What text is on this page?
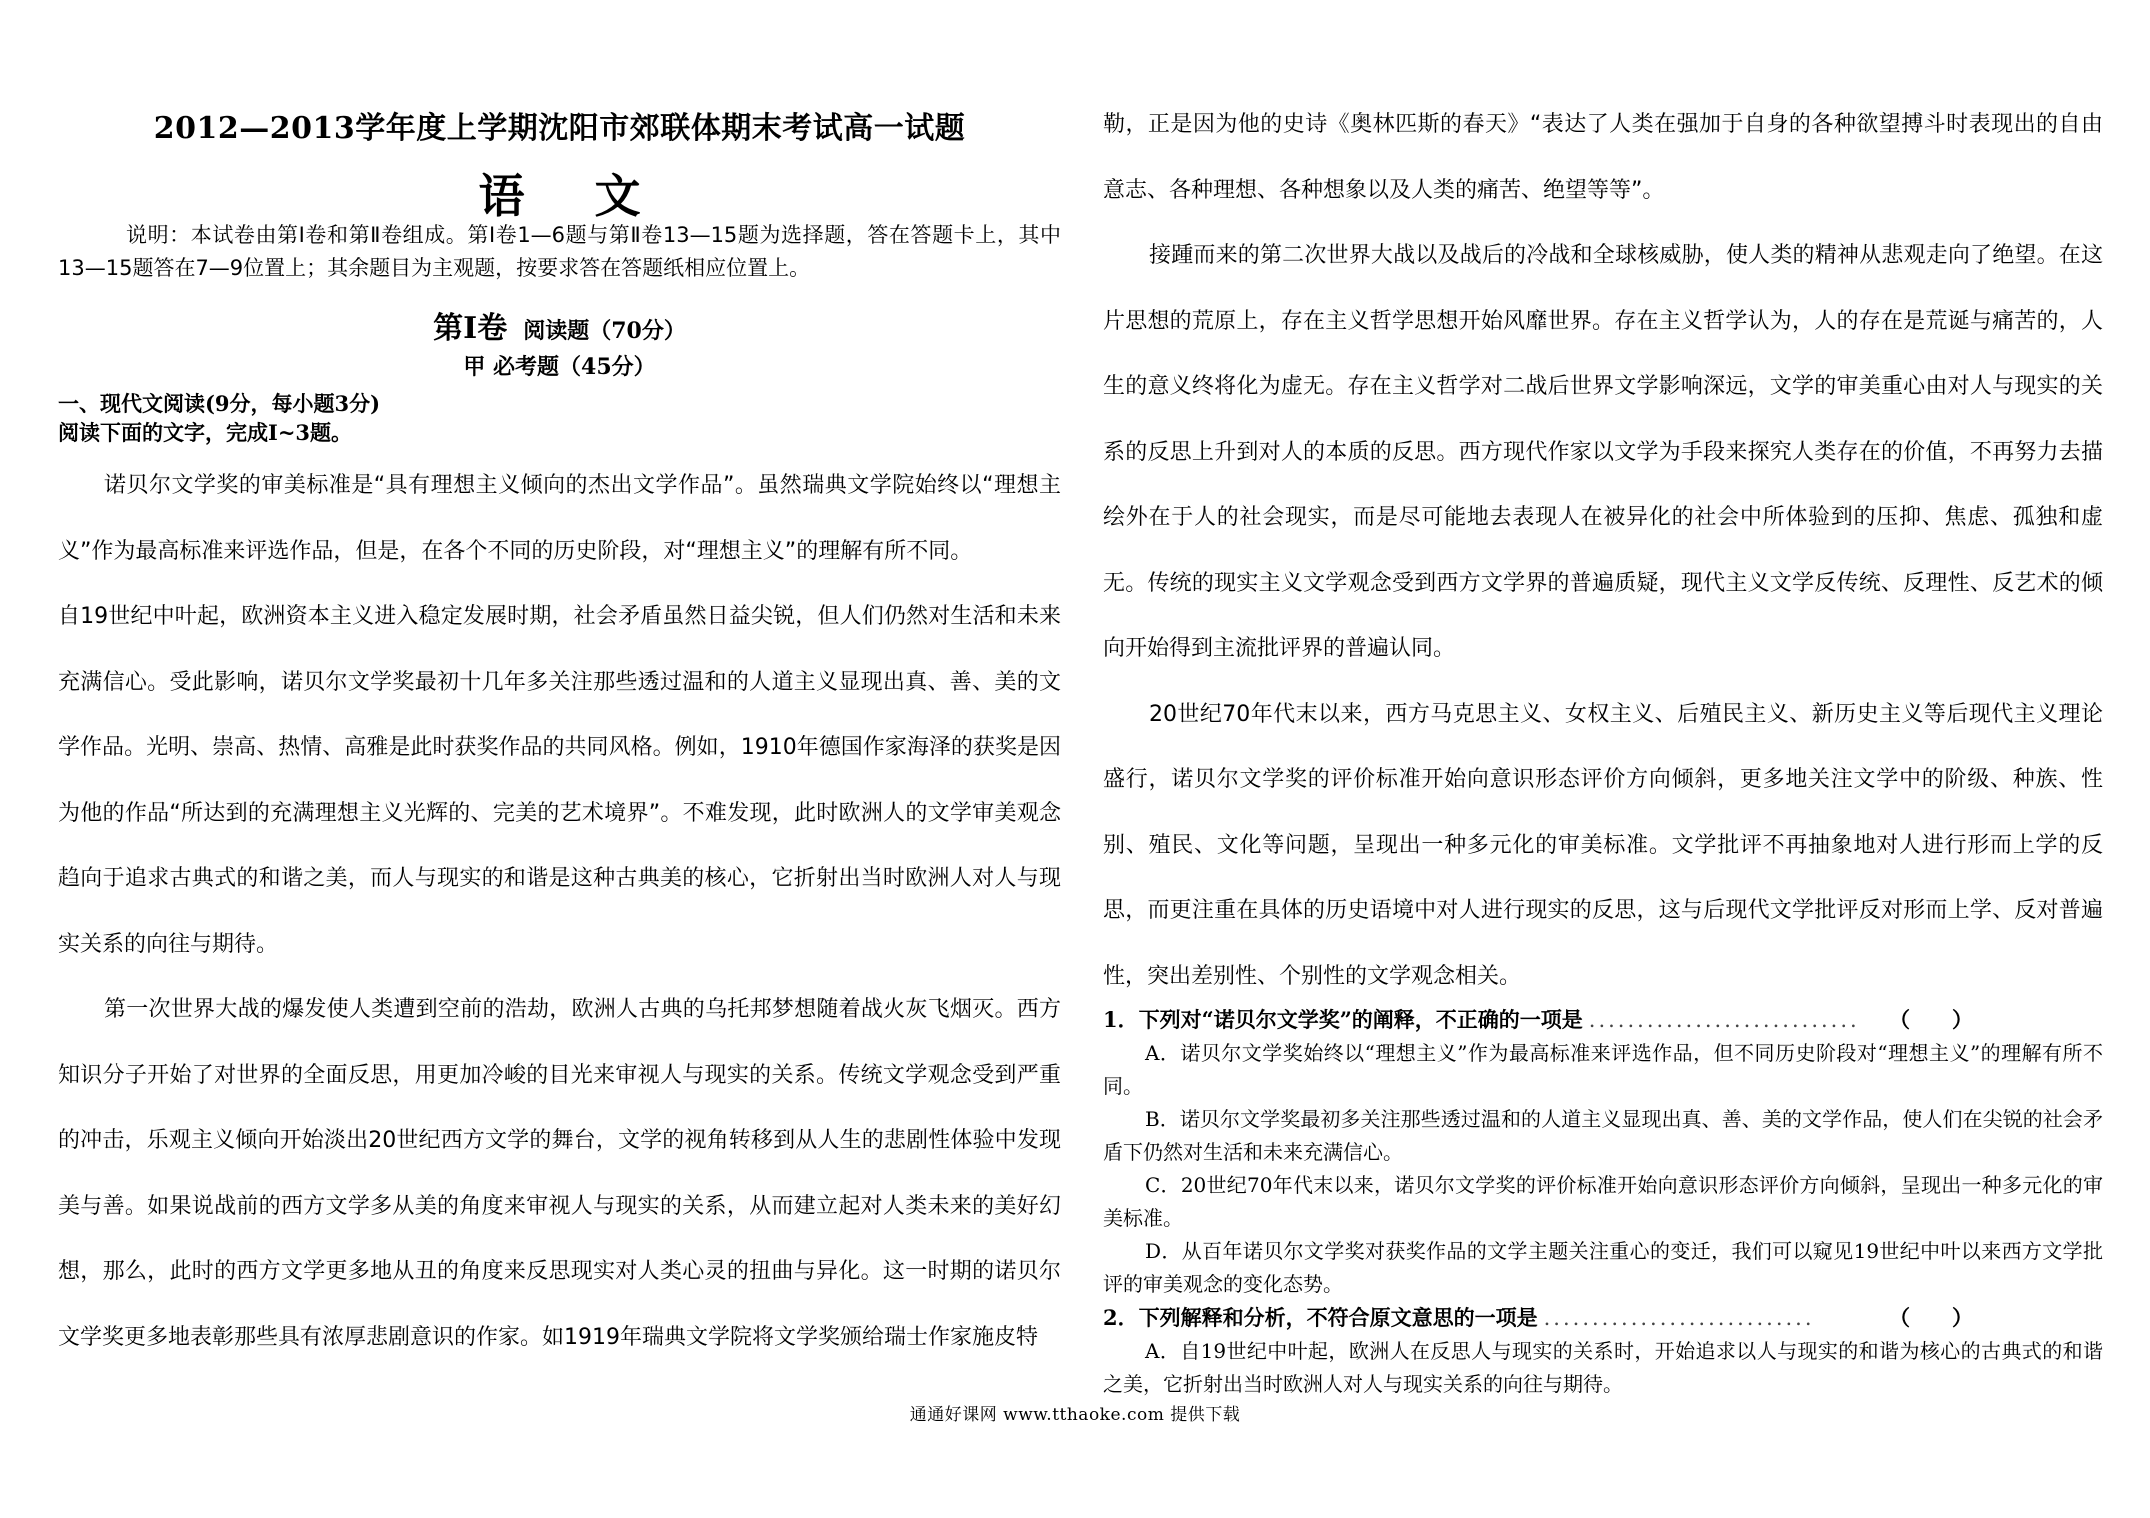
2012—2013学年度上学期沈阳市郊联体期末考试高一试题
语文
说明：本试卷由第Ⅰ卷和第Ⅱ卷组成。第Ⅰ卷1—6题与第Ⅱ卷13—15题为选择题，答在答题卡上，其中13—15题答在7—9位置上；其余题目为主观题，按要求答在答题纸相应位置上。
第Ⅰ卷 阅读题（70分）
甲 必考题（45分）
一、现代文阅读(9分，每小题3分)
阅读下面的文字，完成Ⅰ~3题。

诺贝尔文学奖的审美标准是“具有理想主义倾向的杰出文学作品”。虽然瑞典文学院始终以“理想主义”作为最高标准来评选作品，但是，在各个不同的历史阶段，对“理想主义”的理解有所不同。

自19世纪中叶起，欧洲资本主义进入稳定发展时期，社会矛盾虽然日益尖锐，但人们仍然对生活和未来充满信心。受此影响，诺贝尔文学奖最初十几年多关注那些透过温和的人道主义显现出真、善、美的文学作品。光明、崇高、热情、高雅是此时获奖作品的共同风格。例如，1910年德国作家海泽的获奖是因为他的作品“所达到的充满理想主义光辉的、完美的艺术境界”。不难发现，此时欧洲人的文学审美观念趋向于追求古典式的和谐之美，而人与现实的和谐是这种古典美的核心，它折射出当时欧洲人对人与现实关系的向往与期待。

第一次世界大战的爆发使人类遭到空前的浩劫，欧洲人古典的乌托邦梦想随着战火灰飞烟灭。西方知识分子开始了对世界的全面反思，用更加冷峻的目光来审视人与现实的关系。传统文学观念受到严重的冲击，乐观主义倾向开始淡出20世纪西方文学的舞台，文学的视角转移到从人生的悲剧性体验中发现美与善。如果说战前的西方文学多从美的角度来审视人与现实的关系，从而建立起对人类未来的美好幻想，那么，此时的西方文学更多地从丑的角度来反思现实对人类心灵的扭曲与异化。这一时期的诺贝尔文学奖更多地表彰那些具有浓厚悲剧意识的作家。如1919年瑞典文学院将文学奖颁给瑞士作家施皮特

勒，正是因为他的史诗《奥林匹斯的春天》“表达了人类在强加于自身的各种欲望搏斗时表现出的自由意志、各种理想、各种想象以及人类的痛苦、绝望等等”。

接踵而来的第二次世界大战以及战后的冷战和全球核威胁，使人类的精神从悲观走向了绝望。在这片思想的荒原上，存在主义哲学思想开始风靡世界。存在主义哲学认为，人的存在是荒诞与痛苦的，人生的意义终将化为虚无。存在主义哲学对二战后世界文学影响深远，文学的审美重心由对人与现实的关系的反思上升到对人的本质的反思。西方现代作家以文学为手段来探究人类存在的价值，不再努力去描绘外在于人的社会现实，而是尽可能地去表现人在被异化的社会中所体验到的压抑、焦虑、孤独和虚无。传统的现实主义文学观念受到西方文学界的普遍质疑，现代主义文学反传统、反理性、反艺术的倾向开始得到主流批评界的普遍认同。

20世纪70年代末以来，西方马克思主义、女权主义、后殖民主义、新历史主义等后现代主义理论盛行，诺贝尔文学奖的评价标准开始向意识形态评价方向倾斜，更多地关注文学中的阶级、种族、性别、殖民、文化等问题，呈现出一种多元化的审美标准。文学批评不再抽象地对人进行形而上学的反思，而更注重在具体的历史语境中对人进行现实的反思，这与后现代文学批评反对形而上学、反对普遍性，突出差别性、个别性的文学观念相关。

1．下列对“诺贝尔文学奖”的阐释，不正确的一项是 ............................	（　　）

A．诺贝尔文学奖始终以“理想主义”作为最高标准来评选作品，但不同历史阶段对“理想主义”的理解有所不同。

B．诺贝尔文学奖最初多关注那些透过温和的人道主义显现出真、善、美的文学作品，使人们在尖锐的社会矛盾下仍然对生活和未来充满信心。

C．20世纪70年代末以来，诺贝尔文学奖的评价标准开始向意识形态评价方向倾斜，呈现出一种多元化的审美标准。

D．从百年诺贝尔文学奖对获奖作品的文学主题关注重心的变迁，我们可以窥见19世纪中叶以来西方文学批评的审美观念的变化态势。

2．下列解释和分析，不符合原文意思的一项是 ............................	（　　）

A．自19世纪中叶起，欧洲人在反思人与现实的关系时，开始追求以人与现实的和谐为核心的古典式的和谐之美，它折射出当时欧洲人对人与现实关系的向往与期待。

通通好课网 www.tthaoke.com 提供下载
